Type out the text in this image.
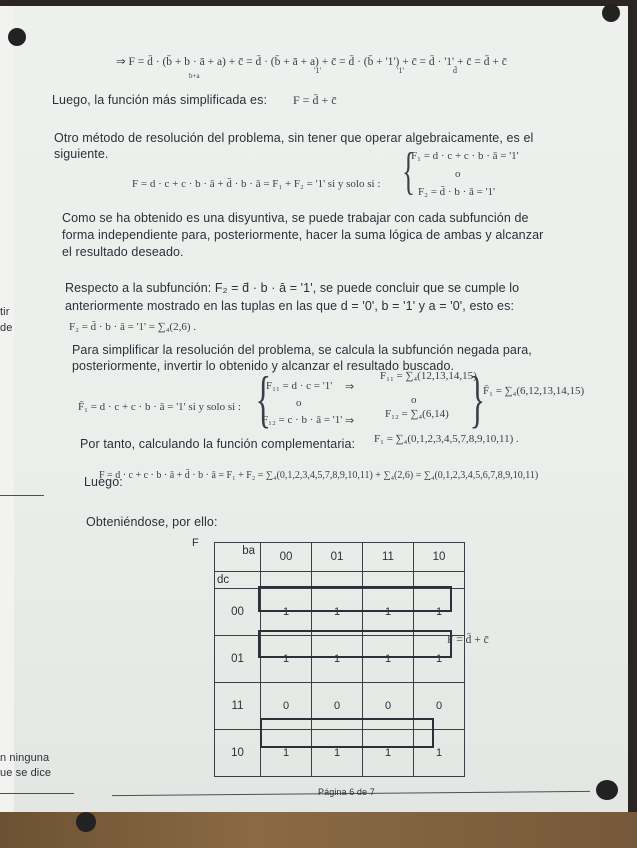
⇒ F = d̄ · (b̄ + b · ā + a) + c̄ = d̄ · (b̄ + ā + a) + c̄ = d̄ · (b̄ + '1') + c̄ = d̄ · '1' + c̄ = d̄ + c̄
b+a
'1'	'1'	d̄
Luego, la función más simplificada es: F = d̄ + c̄
Otro método de resolución del problema, sin tener que operar algebraicamente, es el
siguiente.
F = d · c + c · b · ā + d̄ · b · ā = F₁ + F₂ = '1' si y solo si : {
F₁ = d · c + c · b · ā = '1'
o
F₂ = d̄ · b · ā = '1'
Como se ha obtenido es una disyuntiva, se puede trabajar con cada subfunción de
forma independiente para, posteriormente, hacer la suma lógica de ambas y alcanzar
el resultado deseado.
Respecto a la subfunción: F₂ = d̄ · b · ā = '1', se puede concluir que se cumple lo
anteriormente mostrado en las tuplas en las que d = '0', b = '1' y a = '0', esto es:
F₂ = d̄ · b · ā = '1' = ∑₄(2,6) .
Para simplificar la resolución del problema, se calcula la subfunción negada para,
posteriormente, invertir lo obtenido y alcanzar el resultado buscado.
F̄₁ = d · c + c · b · ā = '1' si y solo si : {
F₁₁ = d · c = '1' ⇒
F₁₁ = ∑₄(12,13,14,15)
o	o
F₁₂ = c · b · ā = '1' ⇒
F₁₂ = ∑₄(6,14) }
F̄₁ = ∑₄(6,12,13,14,15)
Por tanto, calculando la función complementaria: F₁ = ∑₄(0,1,2,3,4,5,7,8,9,10,11) .
Luego:
F = d · c + c · b · ā + d̄ · b · ā = F₁ + F₂ = ∑₄(0,1,2,3,4,5,7,8,9,10,11) + ∑₄(2,6) = ∑₄(0,1,2,3,4,5,6,7,8,9,10,11)
Obteniéndose, por ello:
F
ba	00	01	11	10
dc				
00	1	1	1	1
01	1	1	1	1
11	0	0	0	0
10	1	1	1	1
F = d̄ + c̄
tir
de
n ninguna
ue se dice
Página 6 de 7
